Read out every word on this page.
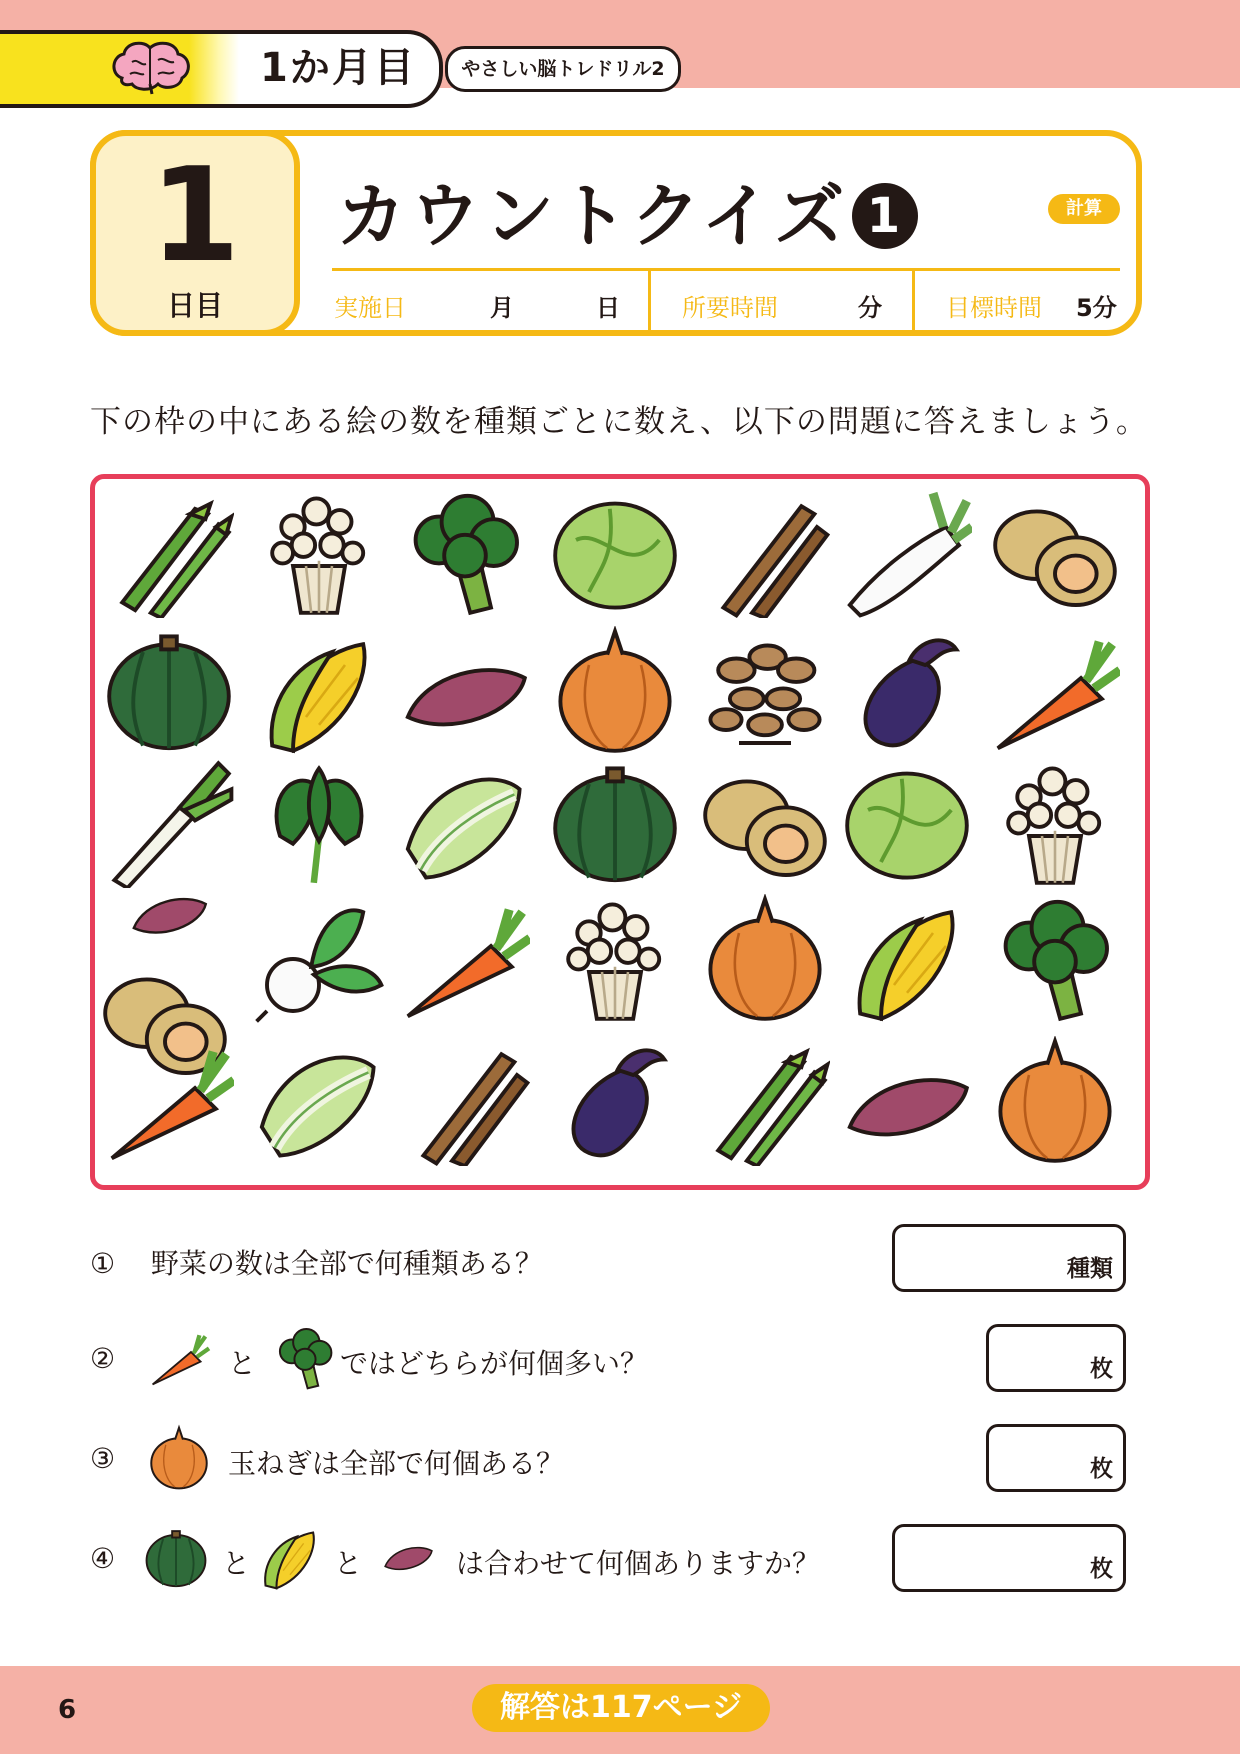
1か月目	やさしい脳トレドリル2
1
日目
カウントクイズ 1	計算
実施日	月	日	所要時間	分	目標時間 5分
下の枠の中にある絵の数を種類ごとに数え、以下の問題に答えましょう。
① 野菜の数は全部で何種類ある？	種類
②	と	ではどちらが何個多い？	枚
③	玉ねぎは全部で何個ある？	枚
④	と	と	は合わせて何個ありますか？	枚
6	解答は117ページ
